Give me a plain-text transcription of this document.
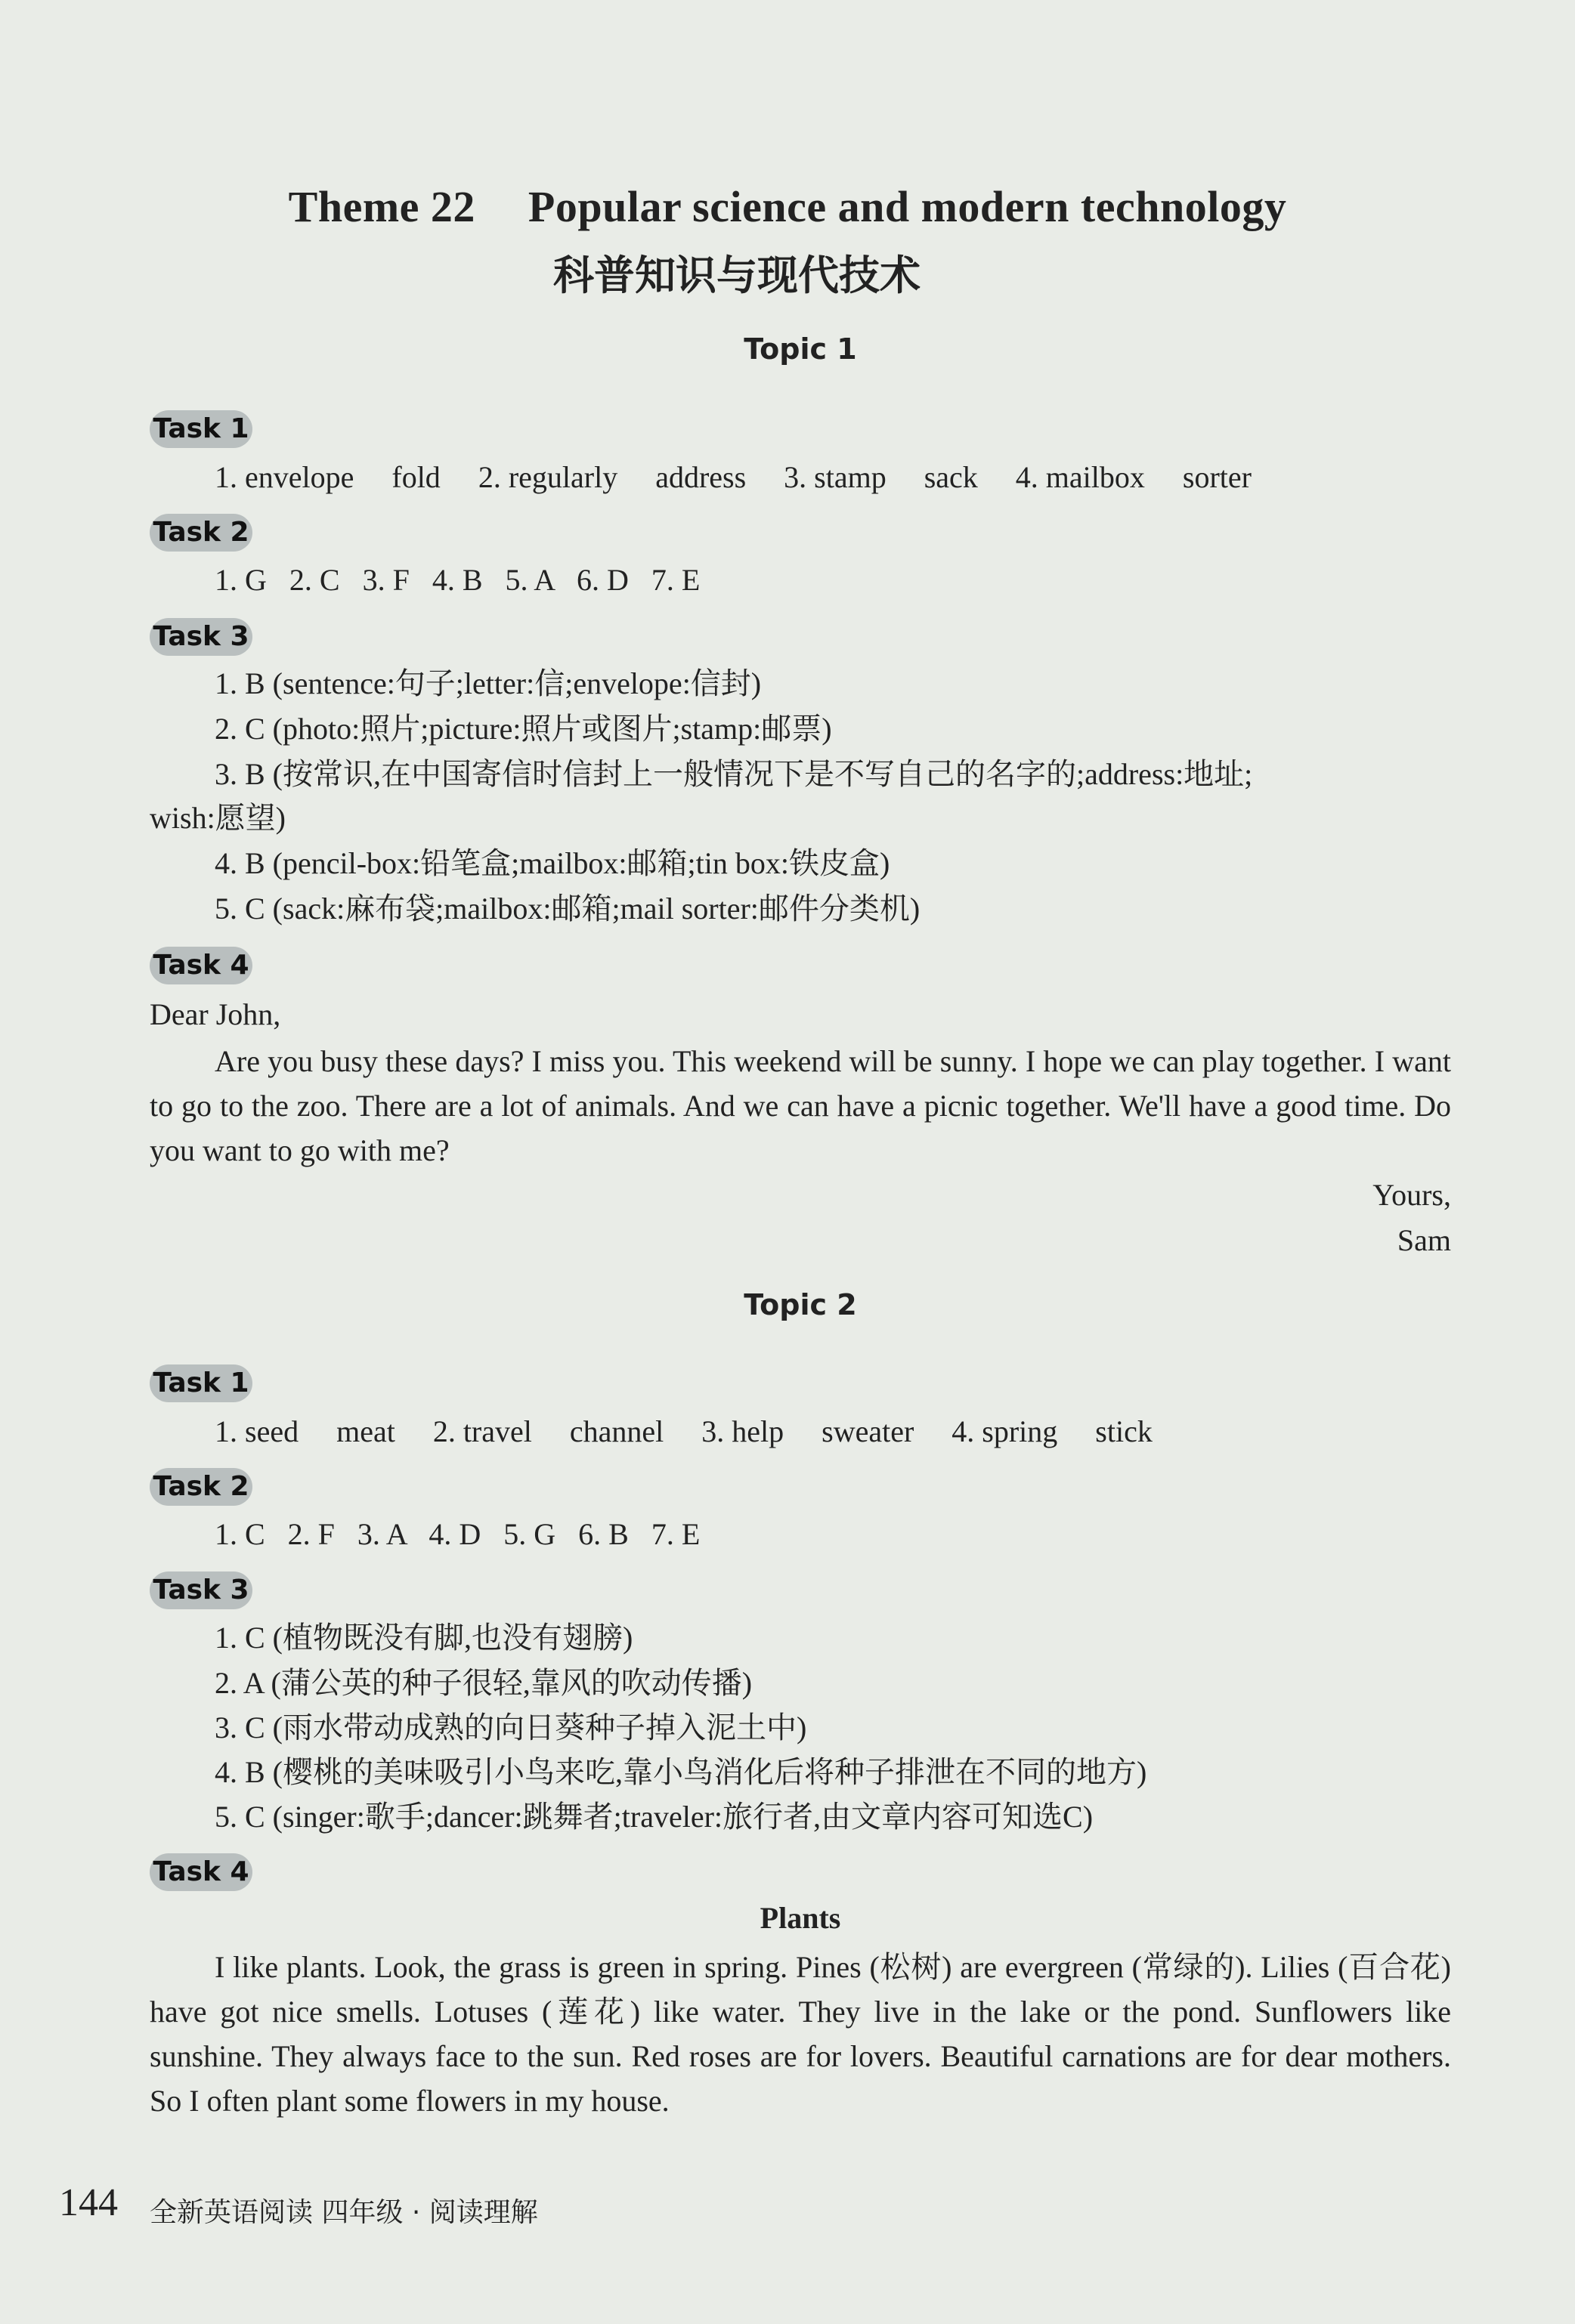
Theme 22 Popular science and modern technology
科普知识与现代技术
Topic 1
Task 1
1. envelope fold 2. regularly address 3. stamp sack 4. mailbox sorter
Task 2
1. G   2. C   3. F   4. B   5. A   6. D   7. E
Task 3
1. B (sentence:句子;letter:信;envelope:信封)
2. C (photo:照片;picture:照片或图片;stamp:邮票)
3. B (按常识,在中国寄信时信封上一般情况下是不写自己的名字的;address:地址;
wish:愿望)
4. B (pencil-box:铅笔盒;mailbox:邮箱;tin box:铁皮盒)
5. C (sack:麻布袋;mailbox:邮箱;mail sorter:邮件分类机)
Task 4
Dear John,

Are you busy these days? I miss you. This weekend will be sunny. I hope we can play together. I want to go to the zoo. There are a lot of animals. And we can have a picnic together. We'll have a good time. Do you want to go with me?

Yours,
Sam
Topic 2
Task 1
1. seed meat 2. travel channel 3. help sweater 4. spring stick
Task 2
1. C   2. F   3. A   4. D   5. G   6. B   7. E
Task 3
1. C (植物既没有脚,也没有翅膀)
2. A (蒲公英的种子很轻,靠风的吹动传播)
3. C (雨水带动成熟的向日葵种子掉入泥土中)
4. B (樱桃的美味吸引小鸟来吃,靠小鸟消化后将种子排泄在不同的地方)
5. C (singer:歌手;dancer:跳舞者;traveler:旅行者,由文章内容可知选C)
Task 4
Plants

I like plants. Look, the grass is green in spring. Pines (松树) are evergreen (常绿的). Lilies (百合花) have got nice smells. Lotuses (莲花) like water. They live in the lake or the pond. Sunflowers like sunshine. They always face to the sun. Red roses are for lovers. Beautiful carnations are for dear mothers. So I often plant some flowers in my house.

144 全新英语阅读 四年级 · 阅读理解
